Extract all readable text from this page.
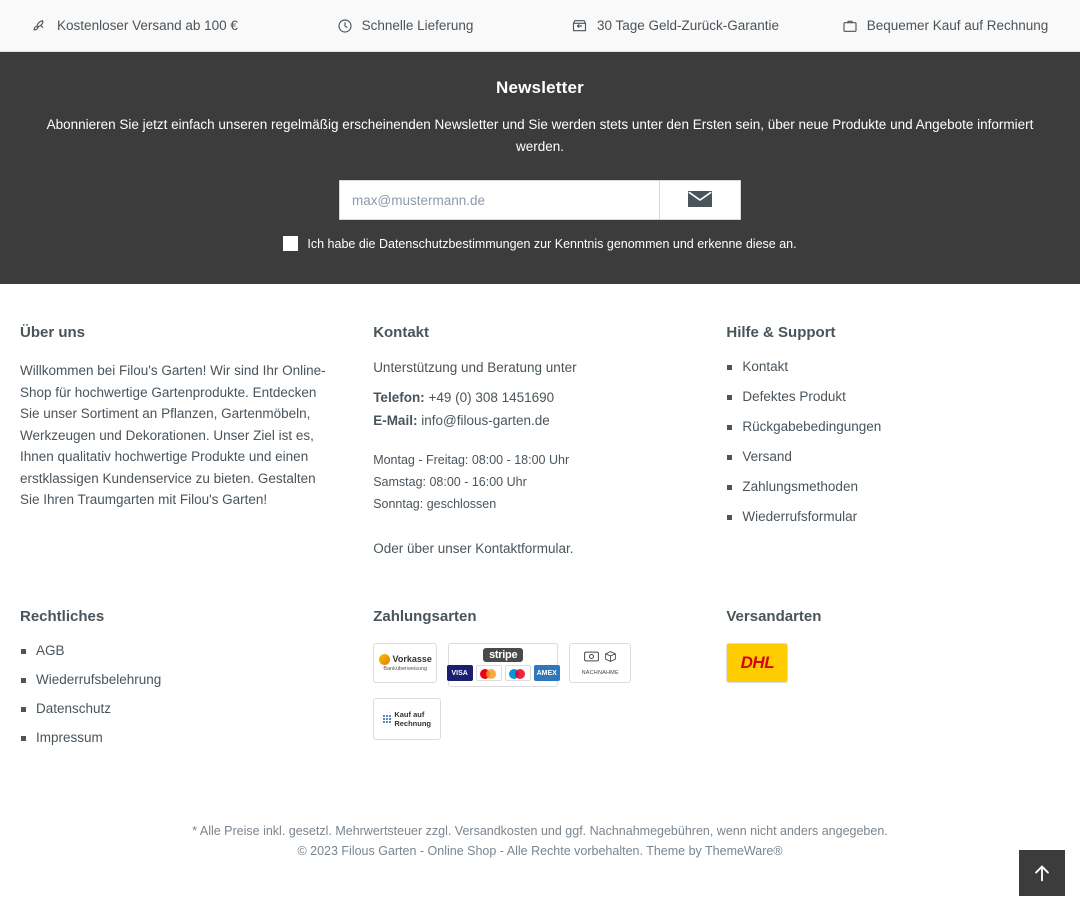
Kostenloser Versand ab 100 €	Schnelle Lieferung	30 Tage Geld-Zurück-Garantie	Bequemer Kauf auf Rechnung
Newsletter

Abonnieren Sie jetzt einfach unseren regelmäßig erscheinenden Newsletter und Sie werden stets unter den Ersten sein, über neue Produkte und Angebote informiert werden.

max@mustermann.de
Ich habe die Datenschutzbestimmungen zur Kenntnis genommen und erkenne diese an.
Über uns

Willkommen bei Filou's Garten! Wir sind Ihr Online-Shop für hochwertige Gartenprodukte. Entdecken Sie unser Sortiment an Pflanzen, Gartenmöbeln, Werkzeugen und Dekorationen. Unser Ziel ist es, Ihnen qualitativ hochwertige Produkte und einen erstklassigen Kundenservice zu bieten. Gestalten Sie Ihren Traumgarten mit Filou's Garten!

Kontakt

Unterstützung und Beratung unter

Telefon: +49 (0) 308 1451690
E-Mail: info@filous-garten.de
Montag - Freitag: 08:00 - 18:00 Uhr
Samstag: 08:00 - 16:00 Uhr
Sonntag: geschlossen

Oder über unser Kontaktformular.

Hilfe & Support
Kontakt
Defektes Produkt
Rückgabebedingungen
Versand
Zahlungsmethoden
Wiederrufsformular
Rechtliches
AGB
Wiederrufsbelehrung
Datenschutz
Impressum
Zahlungsarten
Vorkasse
Banküberweisung
stripe
VISA	AMEX	NACHNAHME
Kauf auf
Rechnung
Versandarten
DHL
* Alle Preise inkl. gesetzl. Mehrwertsteuer zzgl. Versandkosten und ggf. Nachnahmegebühren, wenn nicht anders angegeben.
© 2023 Filous Garten - Online Shop - Alle Rechte vorbehalten. Theme by ThemeWare®
